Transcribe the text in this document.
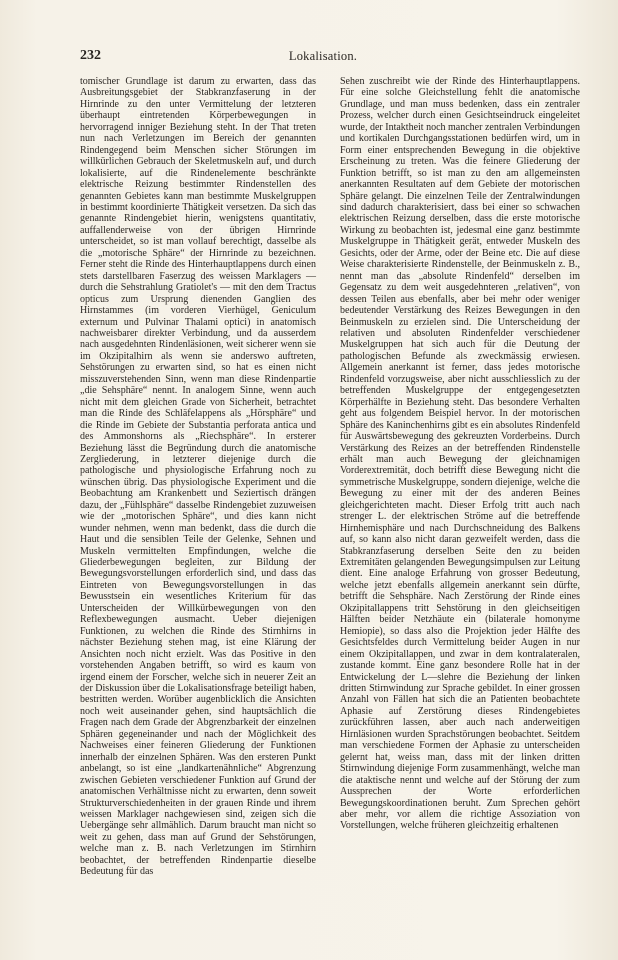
232	Lokalisation.

tomischer Grundlage ist darum zu erwarten, dass das Ausbreitungsgebiet der Stabkranzfaserung in der Hirnrinde zu den unter Vermittelung der letzteren überhaupt eintretenden Körperbewegungen in hervorragend inniger Beziehung steht. In der That treten nun nach Verletzungen im Bereich der genannten Rindengegend beim Menschen sicher Störungen im willkürlichen Gebrauch der Skeletmuskeln auf, und durch lokalisierte, auf die Rindenelemente beschränkte elektrische Reizung bestimmter Rindenstellen des genannten Gebietes kann man bestimmte Muskelgruppen in bestimmt koordinierte Thätigkeit versetzen. Da sich das genannte Rindengebiet hierin, wenigstens quantitativ, auffallenderweise von der übrigen Hirnrinde unterscheidet, so ist man vollauf berechtigt, dasselbe als die „motorische Sphäre“ der Hirnrinde zu bezeichnen. Ferner steht die Rinde des Hinterhauptlappens durch einen stets darstellbaren Faserzug des weissen Marklagers — durch die Sehstrahlung Gratiolet's — mit den dem Tractus opticus zum Ursprung dienenden Ganglien des Hirnstammes (im vorderen Vierhügel, Geniculum externum und Pulvinar Thalami optici) in anatomisch nachweisbarer direkter Verbindung, und da ausserdem nach ausgedehnten Rindenläsionen, weit sicherer wenn sie im Okzipitalhirn als wenn sie anderswo auftreten, Sehstörungen zu erwarten sind, so hat es einen nicht misszuverstehenden Sinn, wenn man diese Rindenpartie „die Sehsphäre“ nennt. In analogem Sinne, wenn auch nicht mit dem gleichen Grade von Sicherheit, betrachtet man die Rinde des Schläfelappens als „Hörsphäre“ und die Rinde im Gebiete der Substantia perforata antica und des Ammonshorns als „Riechsphäre“. In ersterer Beziehung lässt die Begründung durch die anatomische Zergliederung, in letzterer diejenige durch die pathologische und physiologische Erfahrung noch zu wünschen übrig. Das physiologische Experiment und die Beobachtung am Krankenbett und Seziertisch drängen dazu, der „Fühlsphäre“ dasselbe Rindengebiet zuzuweisen wie der „motorischen Sphäre“, und dies kann nicht wunder nehmen, wenn man bedenkt, dass die durch die Haut und die sensiblen Teile der Gelenke, Sehnen und Muskeln vermittelten Empfindungen, welche die Gliederbewegungen begleiten, zur Bildung der Bewegungsvorstellungen erforderlich sind, und dass das Eintreten von Bewegungsvorstellungen in das Bewusstsein ein wesentliches Kriterium für das Unterscheiden der Willkürbewegungen von den Reflexbewegungen ausmacht. Ueber diejenigen Funktionen, zu welchen die Rinde des Stirnhirns in nächster Beziehung stehen mag, ist eine Klärung der Ansichten noch nicht erzielt. Was das Positive in den vorstehenden Angaben betrifft, so wird es kaum von irgend einem der Forscher, welche sich in neuerer Zeit an der Diskussion über die Lokalisationsfrage beteiligt haben, bestritten werden. Worüber augenblicklich die Ansichten noch weit auseinander gehen, sind hauptsächlich die Fragen nach dem Grade der Abgrenzbarkeit der einzelnen Sphären gegeneinander und nach der Möglichkeit des Nachweises einer feineren Gliederung der Funktionen innerhalb der einzelnen Sphären. Was den ersteren Punkt anbelangt, so ist eine „landkartenähnliche“ Abgrenzung zwischen Gebieten verschiedener Funktion auf Grund der anatomischen Verhältnisse nicht zu erwarten, denn soweit Strukturverschiedenheiten in der grauen Rinde und ihrem weissen Marklager nachgewiesen sind, zeigen sich die Uebergänge sehr allmählich. Darum braucht man nicht so weit zu gehen, dass man auf Grund der Sehstörungen, welche man z. B. nach Verletzungen im Stirnhirn beobachtet, der betreffenden Rindenpartie dieselbe Bedeutung für das

Sehen zuschreibt wie der Rinde des Hinterhauptlappens. Für eine solche Gleichstellung fehlt die anatomische Grundlage, und man muss bedenken, dass ein zentraler Prozess, welcher durch einen Gesichtseindruck eingeleitet wurde, der Intaktheit noch mancher zentralen Verbindungen und kortikalen Durchgangsstationen bedürfen wird, um in Form einer entsprechenden Bewegung in die objektive Erscheinung zu treten. Was die feinere Gliederung der Funktion betrifft, so ist man zu den am allgemeinsten anerkannten Resultaten auf dem Gebiete der motorischen Sphäre gelangt. Die einzelnen Teile der Zentralwindungen sind dadurch charakterisiert, dass bei einer so schwachen elektrischen Reizung derselben, dass die erste motorische Wirkung zu beobachten ist, jedesmal eine ganz bestimmte Muskelgruppe in Thätigkeit gerät, entweder Muskeln des Gesichts, oder der Arme, oder der Beine etc. Die auf diese Weise charakterisierte Rindenstelle, der Beinmuskeln z. B., nennt man das „absolute Rindenfeld“ derselben im Gegensatz zu dem weit ausgedehnteren „relativen“, von dessen Teilen aus ebenfalls, aber bei mehr oder weniger bedeutender Verstärkung des Reizes Bewegungen in den Beinmuskeln zu erzielen sind. Die Unterscheidung der relativen und absoluten Rindenfelder verschiedener Muskelgruppen hat sich auch für die Deutung der pathologischen Befunde als zweckmässig erwiesen. Allgemein anerkannt ist ferner, dass jedes motorische Rindenfeld vorzugsweise, aber nicht ausschliesslich zu der betreffenden Muskelgruppe der entgegengesetzten Körperhälfte in Beziehung steht. Das besondere Verhalten geht aus folgendem Beispiel hervor. In der motorischen Sphäre des Kaninchenhirns gibt es ein absolutes Rindenfeld für Auswärtsbewegung des gekreuzten Vorderbeins. Durch Verstärkung des Reizes an der betreffenden Rindenstelle erhält man auch Bewegung der gleichnamigen Vorderextremität, doch betrifft diese Bewegung nicht die symmetrische Muskelgruppe, sondern diejenige, welche die Bewegung zu einer mit der des anderen Beines gleichgerichteten macht. Dieser Erfolg tritt auch nach strenger L. der elektrischen Ströme auf die betreffende Hirnhemisphäre und nach Durchschneidung des Balkens auf, so kann also nicht daran gezweifelt werden, dass die Stabkranzfaserung derselben Seite den zu beiden Extremitäten gelangenden Bewegungsimpulsen zur Leitung dient. Eine analoge Erfahrung von grosser Bedeutung, welche jetzt ebenfalls allgemein anerkannt sein dürfte, betrifft die Sehsphäre. Nach Zerstörung der Rinde eines Okzipitallappens tritt Sehstörung in den gleichseitigen Hälften beider Netzhäute ein (bilaterale homonyme Hemiopie), so dass also die Projektion jeder Hälfte des Gesichtsfeldes durch Vermittelung beider Augen in nur einem Okzipitallappen, und zwar in dem kontralateralen, zustande kommt. Eine ganz besondere Rolle hat in der Entwickelung der L—slehre die Beziehung der linken dritten Stirnwindung zur Sprache gebildet. In einer grossen Anzahl von Fällen hat sich die an Patienten beobachtete Aphasie auf Zerstörung dieses Rindengebietes zurückführen lassen, aber auch nach anderweitigen Hirnläsionen wurden Sprachstörungen beobachtet. Seitdem man verschiedene Formen der Aphasie zu unterscheiden gelernt hat, weiss man, dass mit der linken dritten Stirnwindung diejenige Form zusammenhängt, welche man die ataktische nennt und welche auf der Störung der zum Aussprechen der Worte erforderlichen Bewegungskoordinationen beruht. Zum Sprechen gehört aber mehr, vor allem die richtige Assoziation von Vorstellungen, welche früheren gleichzeitig erhaltenen
